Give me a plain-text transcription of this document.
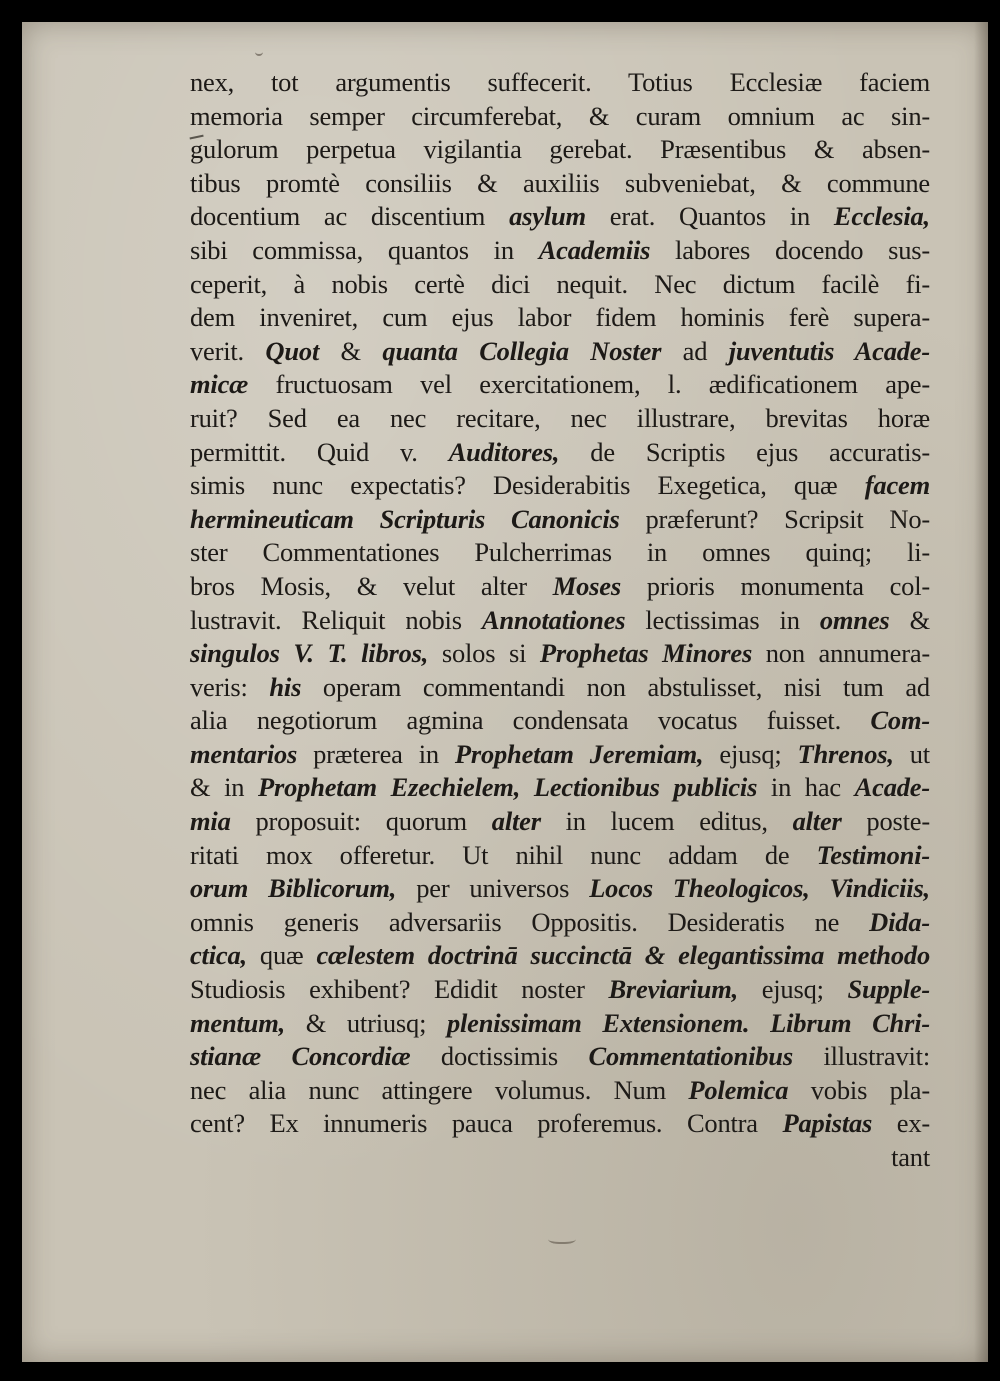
nex, tot argumentis suffecerit. Totius Ecclesiæ faciem
memoria semper circumferebat, & curam omnium ac sin-
gulorum perpetua vigilantia gerebat. Præsentibus & absen-
tibus promtè consiliis & auxiliis subveniebat, & commune
docentium ac discentium asylum erat. Quantos in Ecclesia,
sibi commissa, quantos in Academiis labores docendo sus-
ceperit, à nobis certè dici nequit. Nec dictum facilè fi-
dem inveniret, cum ejus labor fidem hominis ferè supera-
verit. Quot & quanta Collegia Noster ad juventutis Acade-
micæ fructuosam vel exercitationem, l. ædificationem ape-
ruit? Sed ea nec recitare, nec illustrare, brevitas horæ
permittit. Quid v. Auditores, de Scriptis ejus accuratis-
simis nunc expectatis? Desiderabitis Exegetica, quæ facem
hermineuticam Scripturis Canonicis præferunt? Scripsit No-
ster Commentationes Pulcherrimas in omnes quinq; li-
bros Mosis, & velut alter Moses prioris monumenta col-
lustravit. Reliquit nobis Annotationes lectissimas in omnes &
singulos V. T. libros, solos si Prophetas Minores non annumera-
veris: his operam commentandi non abstulisset, nisi tum ad
alia negotiorum agmina condensata vocatus fuisset. Com-
mentarios præterea in Prophetam Jeremiam, ejusq; Threnos, ut
& in Prophetam Ezechielem, Lectionibus publicis in hac Acade-
mia proposuit: quorum alter in lucem editus, alter poste-
ritati mox offeretur. Ut nihil nunc addam de Testimoni-
orum Biblicorum, per universos Locos Theologicos, Vindiciis,
omnis generis adversariis Oppositis. Desideratis ne Dida-
ctica, quæ cælestem doctrinā succinctā & elegantissima methodo
Studiosis exhibent? Edidit noster Breviarium, ejusq; Supple-
mentum, & utriusq; plenissimam Extensionem. Librum Chri-
stianæ Concordiæ doctissimis Commentationibus illustravit:
nec alia nunc attingere volumus. Num Polemica vobis pla-
cent? Ex innumeris pauca proferemus. Contra Papistas ex-
tant
